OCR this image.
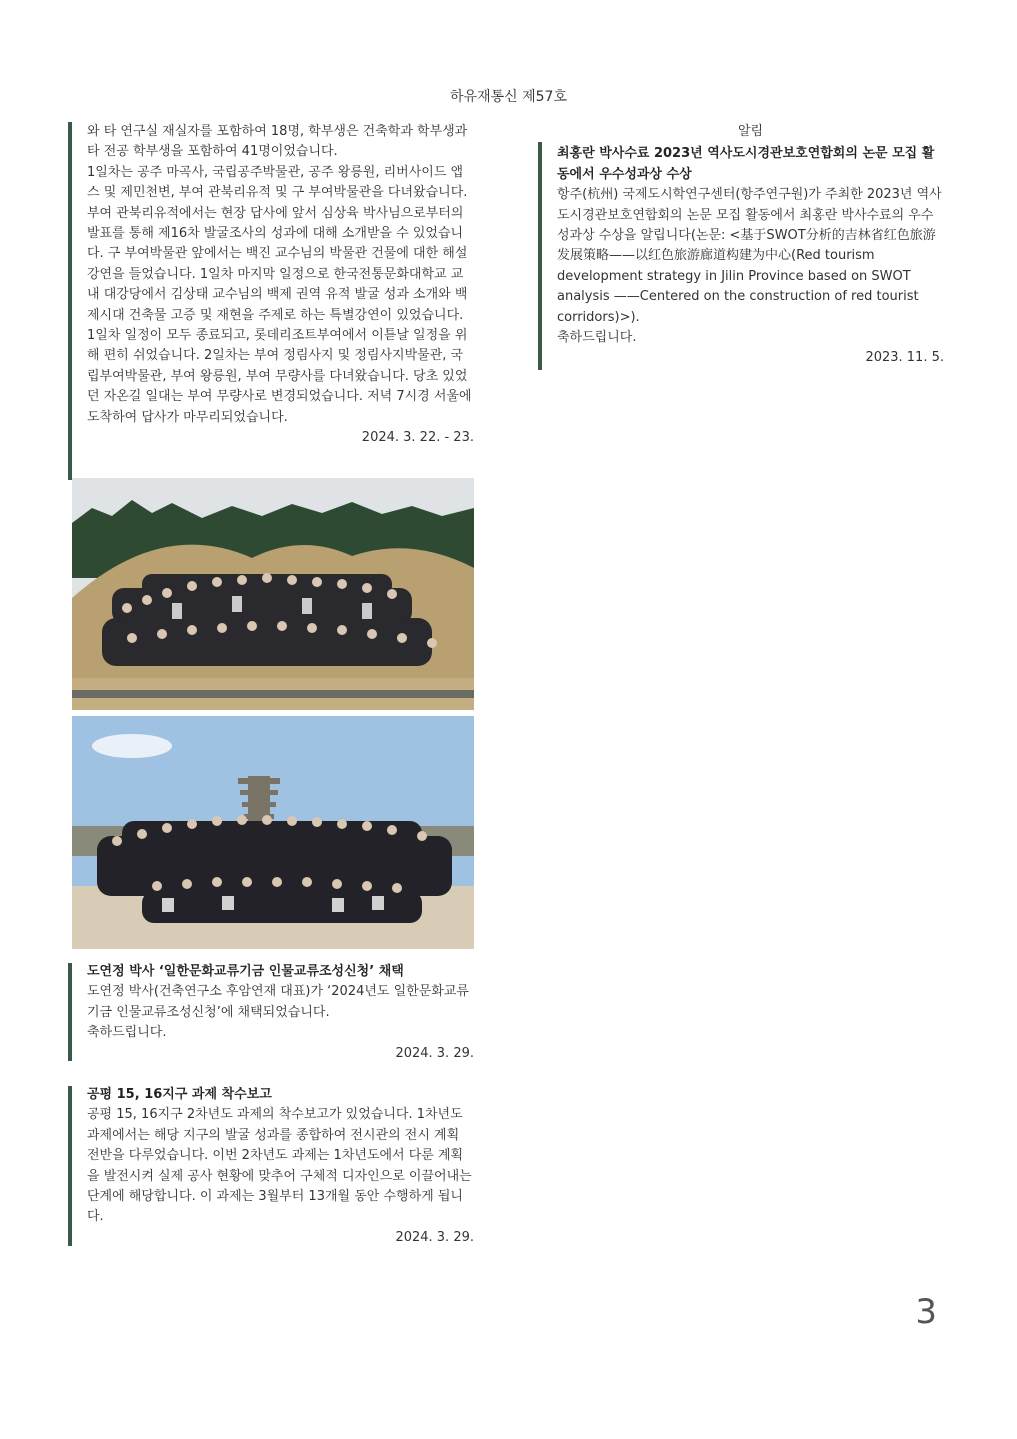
하유재통신 제57호

와 타 연구실 재실자를 포함하여 18명, 학부생은 건축학과 학부생과 타 전공 학부생을 포함하여 41명이었습니다.

1일차는 공주 마곡사, 국립공주박물관, 공주 왕릉원, 리버사이드 앱스 및 제민천변, 부여 관북리유적 및 구 부여박물관을 다녀왔습니다. 부여 관북리유적에서는 현장 답사에 앞서 심상육 박사님으로부터의 발표를 통해 제16차 발굴조사의 성과에 대해 소개받을 수 있었습니다. 구 부여박물관 앞에서는 백진 교수님의 박물관 건물에 대한 해설 강연을 들었습니다. 1일차 마지막 일정으로 한국전통문화대학교 교내 대강당에서 김상태 교수님의 백제 권역 유적 발굴 성과 소개와 백제시대 건축물 고증 및 재현을 주제로 하는 특별강연이 있었습니다. 1일차 일정이 모두 종료되고, 롯데리조트부여에서 이튿날 일정을 위해 편히 쉬었습니다. 2일차는 부여 정림사지 및 정림사지박물관, 국립부여박물관, 부여 왕릉원, 부여 무량사를 다녀왔습니다. 당초 있었던 자온길 일대는 부여 무량사로 변경되었습니다. 저녁 7시경 서울에 도착하여 답사가 마무리되었습니다.

2024. 3. 22. - 23.

도연정 박사 ‘일한문화교류기금 인물교류조성신청’ 채택

도연정 박사(건축연구소 후암연재 대표)가 ‘2024년도 일한문화교류기금 인물교류조성신청’에 채택되었습니다.

축하드립니다.

2024. 3. 29.

공평 15, 16지구 과제 착수보고

공평 15, 16지구 2차년도 과제의 착수보고가 있었습니다. 1차년도 과제에서는 해당 지구의 발굴 성과를 종합하여 전시관의 전시 계획 전반을 다루었습니다. 이번 2차년도 과제는 1차년도에서 다룬 계획을 발전시켜 실제 공사 현황에 맞추어 구체적 디자인으로 이끌어내는 단계에 해당합니다. 이 과제는 3월부터 13개월 동안 수행하게 됩니다.

2024. 3. 29.
알림

최홍란 박사수료 2023년 역사도시경관보호연합회의 논문 모집 활동에서 우수성과상 수상

항주(杭州) 국제도시학연구센터(항주연구원)가 주최한 2023년 역사도시경관보호연합회의 논문 모집 활동에서 최홍란 박사수료의 우수성과상 수상을 알립니다(논문: <基于SWOT分析的吉林省红色旅游发展策略——以红色旅游廊道构建为中心(Red tourism development strategy in Jilin Province based on SWOT analysis ——Centered on the construction of red tourist corridors)>).

축하드립니다.

2023. 11. 5.
3
